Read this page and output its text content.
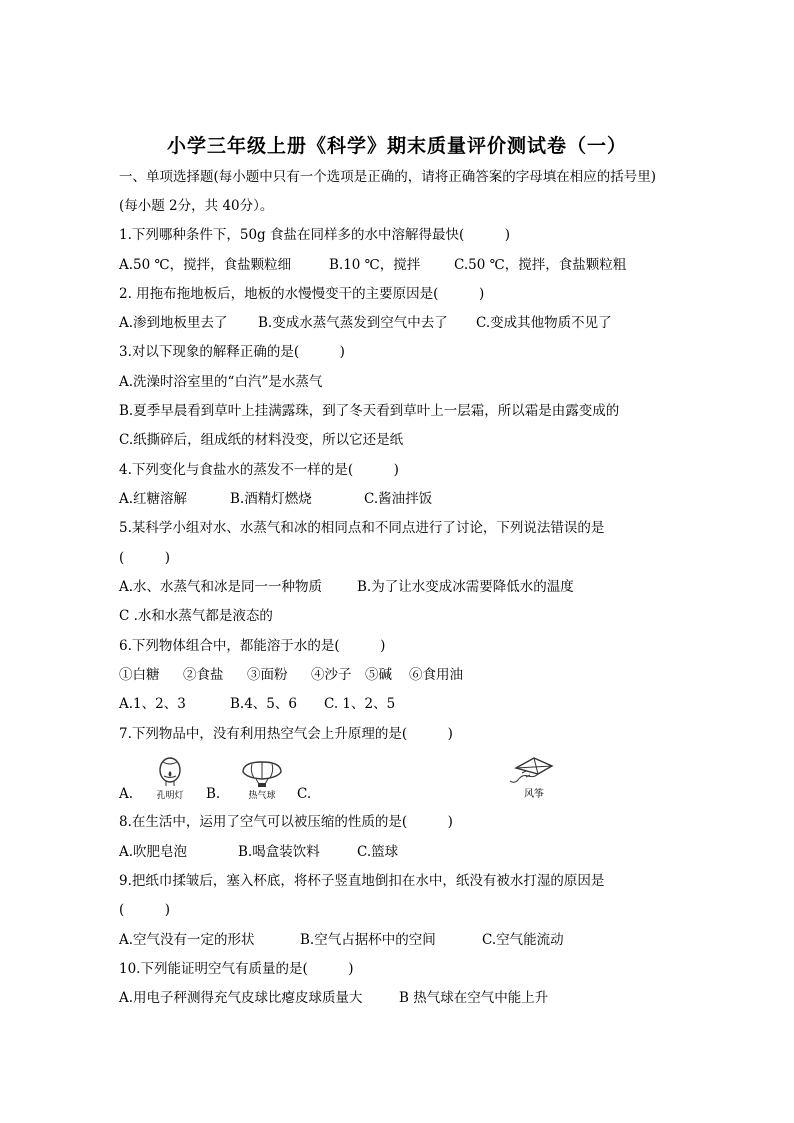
小学三年级上册《科学》期末质量评价测试卷（一）
一、单项选择题(每小题中只有一个选项是正确的，请将正确答案的字母填在相应的括号里)
(每小题 2分，共 40分）。
1.下列哪种条件下，50g 食盐在同样多的水中溶解得最快(　　　)
A.50 ℃，搅拌，食盐颗粒细	B.10 ℃，搅拌 C.50 ℃，搅拌，食盐颗粒粗
2. 用拖布拖地板后，地板的水慢慢变干的主要原因是(　　　)
A.渗到地板里去了 B.变成水蒸气蒸发到空气中去了 C.变成其他物质不见了
3.对以下现象的解释正确的是(　　　)
A.洗澡时浴室里的“白汽”是水蒸气
B.夏季早晨看到草叶上挂满露珠，到了冬天看到草叶上一层霜，所以霜是由露变成的
C.纸撕碎后，组成纸的材料没变，所以它还是纸
4.下列变化与食盐水的蒸发不一样的是(　　　)
A.红糖溶解	B.酒精灯燃烧	C.酱油拌饭
5.某科学小组对水、水蒸气和冰的相同点和不同点进行了讨论，下列说法错误的是
(　　　)
A.水、水蒸气和冰是同一一种物质	B.为了让水变成冰需要降低水的温度
C .水和水蒸气都是液态的
6.下列物体组合中，都能溶于水的是(　　　)
①白糖 ②食盐 ③面粉 ④沙子 ⑤碱 ⑥食用油
A.1、2、3	B.4、5、6 C. 1、2、5
7.下列物品中，没有利用热空气会上升原理的是(　　　)
A.	孔明灯	B.	热气球	C.	风筝
8.在生活中，运用了空气可以被压缩的性质的是(　　　)
A.吹肥皂泡	B.喝盒装饮料	C.篮球
9.把纸巾揉皱后，塞入杯底，将杯子竖直地倒扣在水中，纸没有被水打湿的原因是
(　　　)
A.空气没有一定的形状	B.空气占据杯中的空间	C.空气能流动
10.下列能证明空气有质量的是(　　　)
A.用电子秤测得充气皮球比瘪皮球质量大	B 热气球在空气中能上升
